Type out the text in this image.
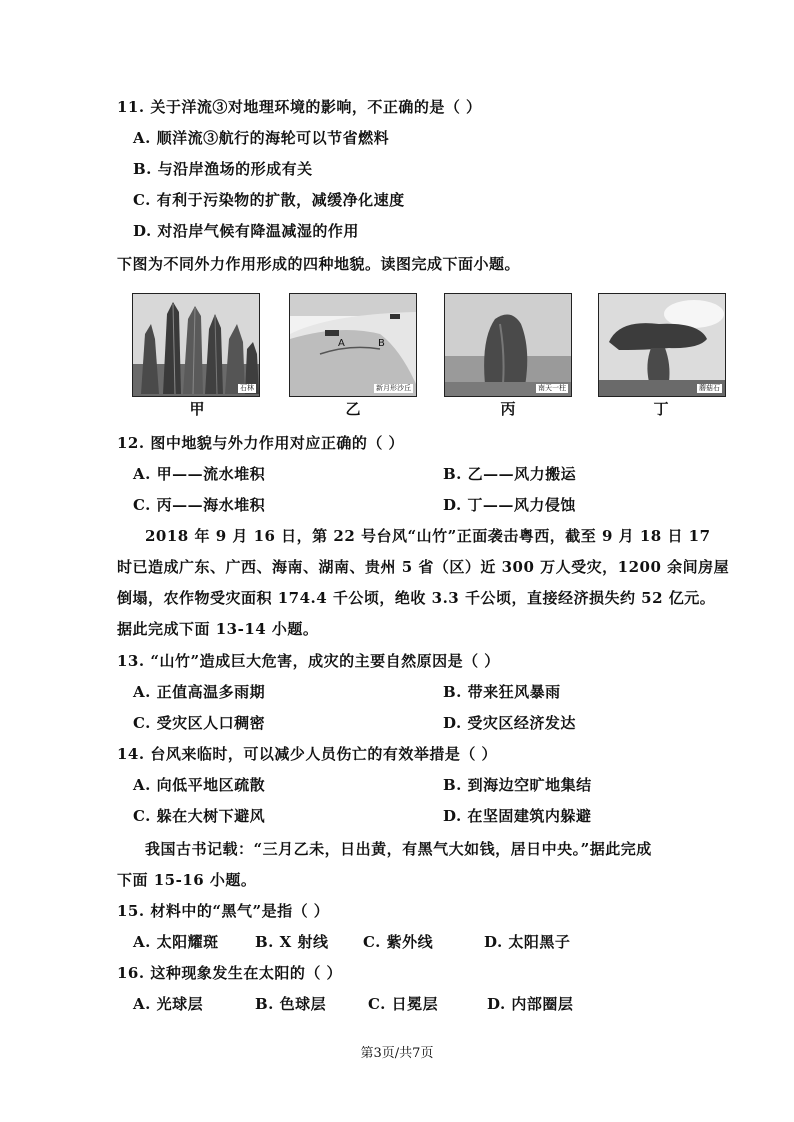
11. 关于洋流③对地理环境的影响，不正确的是（ ）
A. 顺洋流③航行的海轮可以节省燃料
B. 与沿岸渔场的形成有关
C. 有利于污染物的扩散，减缓净化速度
D. 对沿岸气候有降温减湿的作用
下图为不同外力作用形成的四种地貌。读图完成下面小题。
石林
A	B
新月形沙丘	南天一柱	蘑菇石
甲	乙	丙	丁
12. 图中地貌与外力作用对应正确的（ ）
A. 甲——流水堆积	B. 乙——风力搬运
C. 丙——海水堆积	D. 丁——风力侵蚀
2018 年 9 月 16 日，第 22 号台风“山竹”正面袭击粤西，截至 9 月 18 日 17
时已造成广东、广西、海南、湖南、贵州 5 省（区）近 300 万人受灾，1200 余间房屋
倒塌，农作物受灾面积 174.4 千公顷，绝收 3.3 千公顷，直接经济损失约 52 亿元。
据此完成下面 13-14 小题。
13. “山竹”造成巨大危害，成灾的主要自然原因是（ ）
A. 正值高温多雨期	B. 带来狂风暴雨
C. 受灾区人口稠密	D. 受灾区经济发达
14. 台风来临时，可以减少人员伤亡的有效举措是（ ）
A. 向低平地区疏散	B. 到海边空旷地集结
C. 躲在大树下避风	D. 在坚固建筑内躲避
我国古书记载：“三月乙未，日出黄，有黑气大如钱，居日中央。”据此完成
下面 15-16 小题。
15. 材料中的“黑气”是指（ ）
A. 太阳耀斑 B. X 射线 C. 紫外线	D. 太阳黑子
16. 这种现象发生在太阳的（ ）
A. 光球层	B. 色球层	C. 日冕层	D. 内部圈层
第3页/共7页
